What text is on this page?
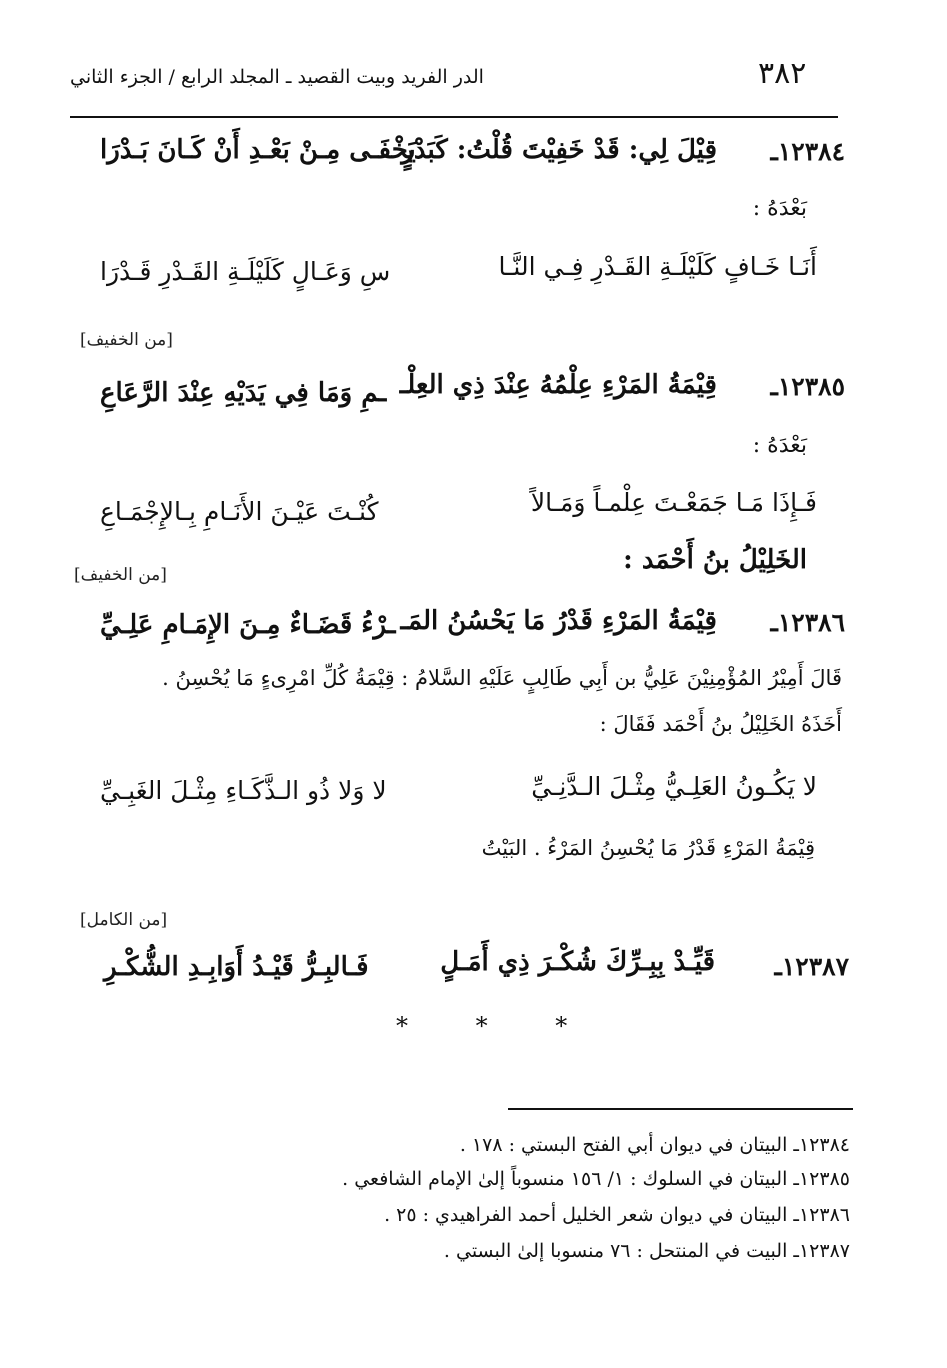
٣٨٢
الدر الفريد وبيت القصيد ـ المجلد الرابع / الجزء الثاني
١٢٣٨٤ـ
قِيْلَ لِي: قَدْ خَفِيْتَ قُلْتُ: كَبَدْرٍ
يَخْفَـى مِـنْ بَعْـدِ أَنْ كَـانَ بَـدْرَا
بَعْدَهُ :
أَنَـا خَـافٍ كَلَيْلَـةِ القَـدْرِ فِـي النَّـا
سِ وَعَـالٍ كَلَيْلَـةِ القَـدْرِ قَـدْرَا
[من الخفيف]
١٢٣٨٥ـ
قِيْمَةُ المَرْءِ عِلْمُهُ عِنْدَ ذِي العِلْـ
ـمِ وَمَا فِي يَدَيْهِ عِنْدَ الرَّعَاعِ
بَعْدَهُ :
فَـإِذَا مَـا جَمَعْـتَ عِلْمـاً وَمَـالاً
كُنْـتَ عَيْـنَ الأَنَـامِ بِـالإِجْمَـاعِ
الخَلِيْلُ بنُ أَحْمَد :
[من الخفيف]
١٢٣٨٦ـ
قِيْمَةُ المَرْءِ قَدْرُ مَا يَحْسُنُ المَـ
ـرْءُ قَضَـاءٌ مِـنَ الإِمَـامِ عَلِـيِّ
قَالَ أَمِيْرُ المُؤْمِنِيْنَ عَلِيُّ بن أَبِي طَالِبٍ عَلَيْهِ السَّلامُ : قِيْمَةُ كُلِّ امْرِىءٍ مَا يُحْسِنُ .
أَخَذَهُ الخَلِيْلُ بنُ أَحْمَد فَقَالَ :
لا يَكُـونُ العَلِـيُّ مِثْـلَ الـدَّنِـيِّ
لا وَلا ذُو الـذَّكَـاءِ مِثْـلَ الغَبِـيِّ
قِيْمَةُ المَرْءِ قَدْرُ مَا يُحْسِنُ المَرْءُ . البَيْتُ
[من الكامل]
١٢٣٨٧ـ
قَيِّـدْ بِبِـرِّكَ شُكْـرَ ذِي أَمَـلٍ
فَـالبِـرُّ قَيْـدُ أَوَابِـدِ الشُّكْـرِ
* * *
١٢٣٨٤ـ البيتان في ديوان أبي الفتح البستي : ١٧٨ .
١٢٣٨٥ـ البيتان في السلوك : ١/ ١٥٦ منسوباً إلىٰ الإمام الشافعي .
١٢٣٨٦ـ البيتان في ديوان شعر الخليل أحمد الفراهيدي : ٢٥ .
١٢٣٨٧ـ البيت في المنتحل : ٧٦ منسوبا إلىٰ البستي .
